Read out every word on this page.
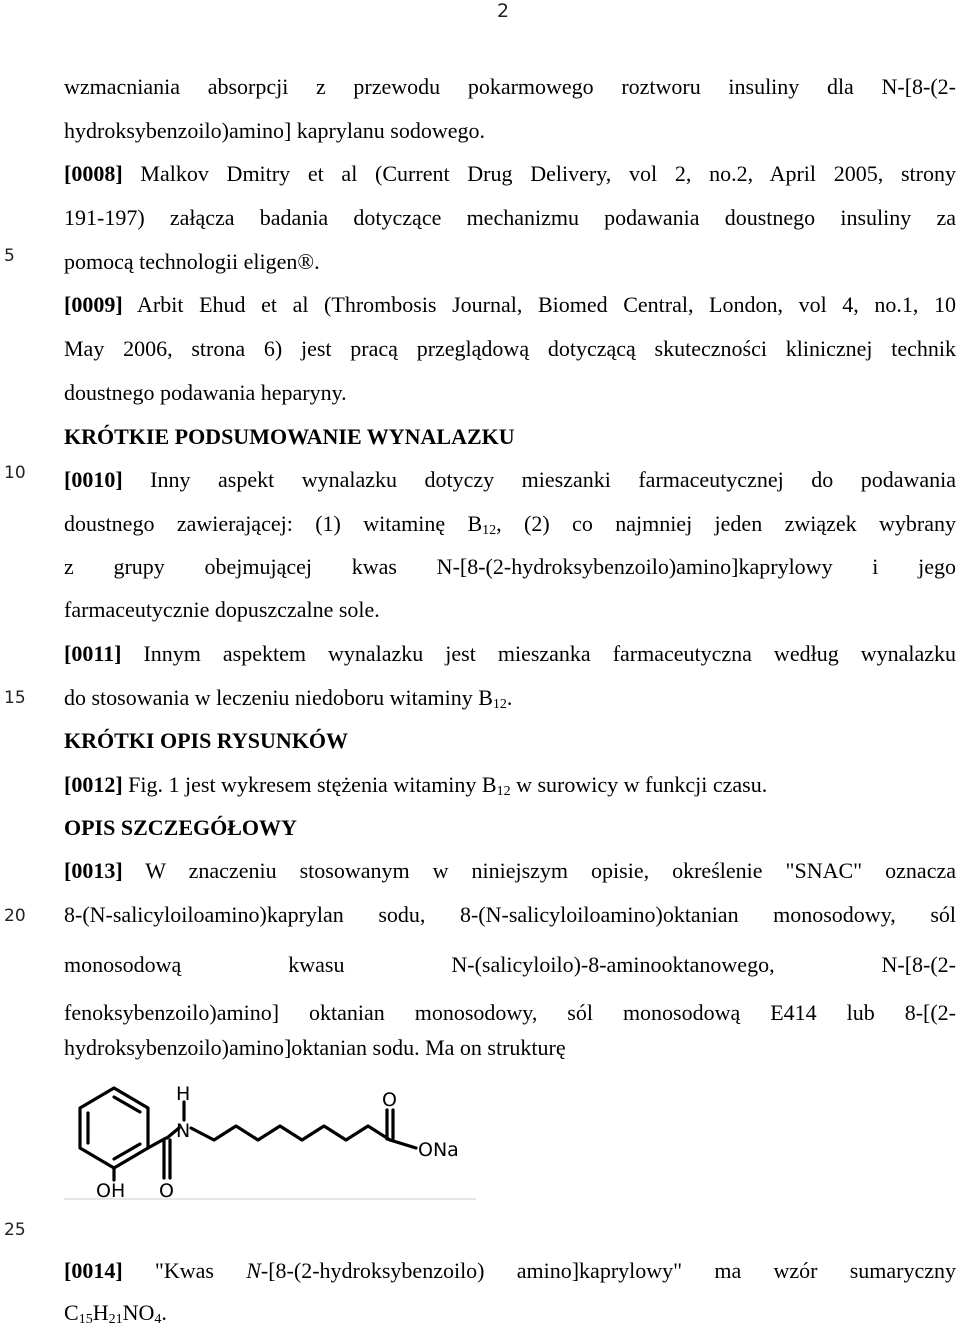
2
5
10
15
20
25
wzmacniania absorpcji z przewodu pokarmowego roztworu insuliny dla N-[8-(2-
hydroksybenzoilo)amino] kaprylanu sodowego.
[0008] Malkov Dmitry et al (Current Drug Delivery, vol 2, no.2, April 2005, strony
191-197) załącza badania dotyczące mechanizmu podawania doustnego insuliny za
pomocą technologii eligen®.
[0009] Arbit Ehud et al (Thrombosis Journal, Biomed Central, London, vol 4, no.1, 10
May 2006, strona 6) jest pracą przeglądową dotyczącą skuteczności klinicznej technik
doustnego podawania heparyny.
KRÓTKIE PODSUMOWANIE WYNALAZKU
[0010] Inny aspekt wynalazku dotyczy mieszanki farmaceutycznej do podawania
doustnego zawierającej: (1) witaminę $B_{12}$, (2) co najmniej jeden związek wybrany
z grupy obejmującej kwas N-[8-(2-hydroksybenzoilo)amino]kaprylowy i jego
farmaceutycznie dopuszczalne sole.
[0011] Innym aspektem wynalazku jest mieszanka farmaceutyczna według wynalazku
do stosowania w leczeniu niedoboru witaminy $B_{12}$.
KRÓTKI OPIS RYSUNKÓW
[0012] Fig. 1 jest wykresem stężenia witaminy $B_{12}$ w surowicy w funkcji czasu.
OPIS SZCZEGÓŁOWY
[0013] W znaczeniu stosowanym w niniejszym opisie, określenie "SNAC" oznacza
8-(N-salicyloiloamino)kaprylan sodu, 8-(N-salicyloiloamino)oktanian monosodowy, sól
monosodową kwasu N-(salicyloilo)-8-aminooktanowego, N-[8-(2-
fenoksybenzoilo)amino] oktanian monosodowy, sól monosodową E414 lub 8-[(2-
hydroksybenzoilo)amino]oktanian sodu. Ma on strukturę
H
N
O
ONa
OH O
[0014] "Kwas N-[8-(2-hydroksybenzoilo) amino]kaprylowy" ma wzór sumaryczny
$C_{15}H_{21}NO_4$.
